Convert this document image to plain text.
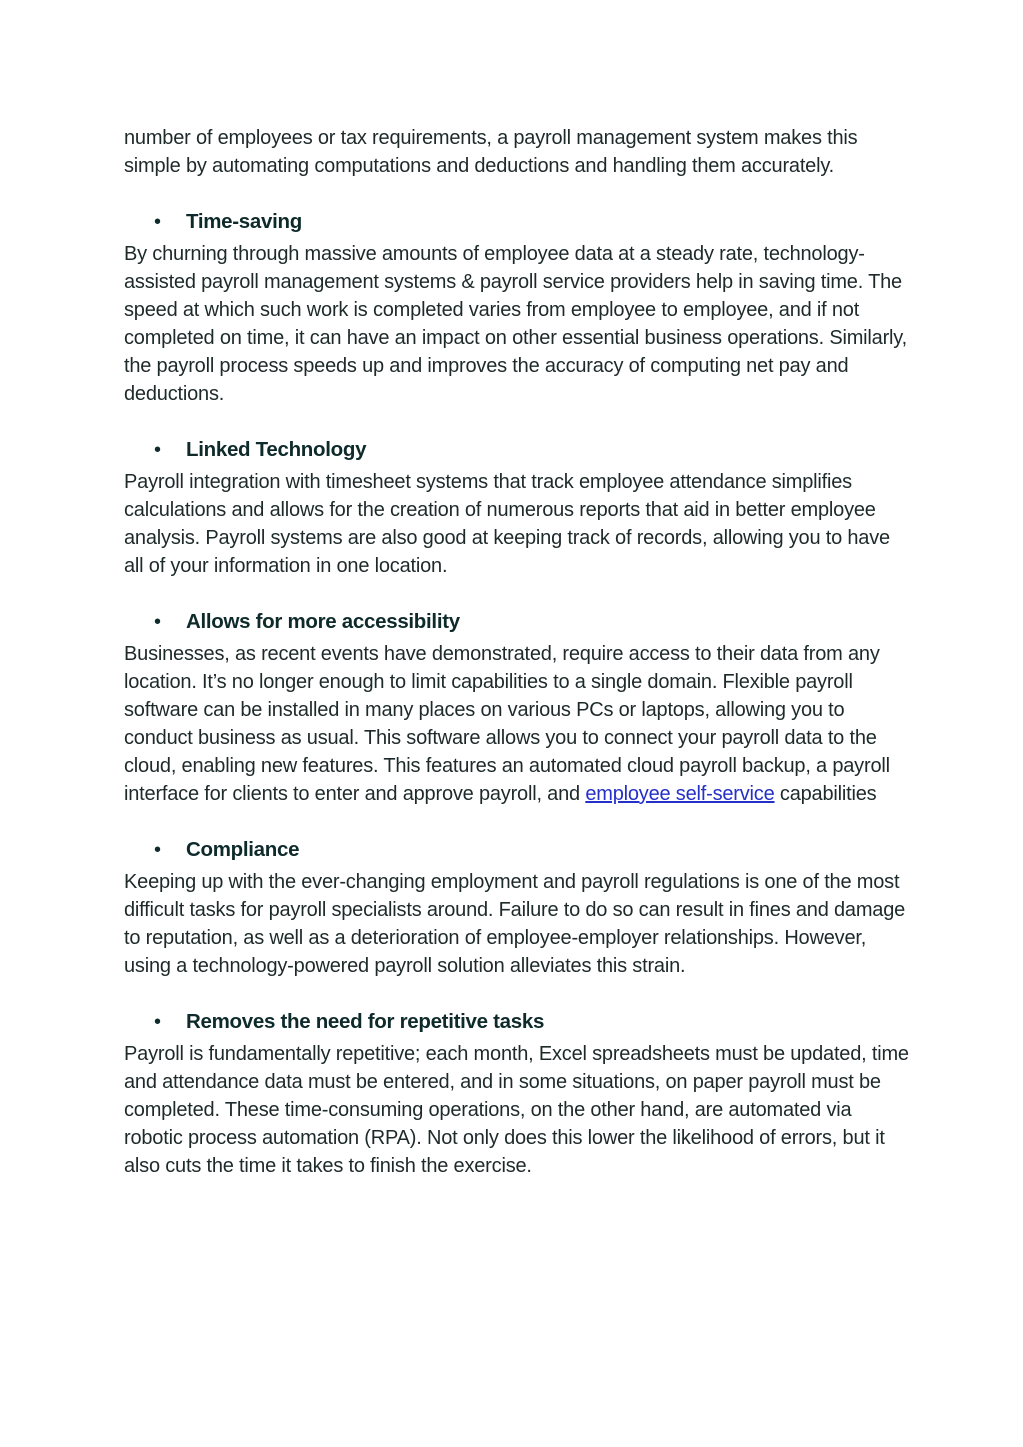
number of employees or tax requirements, a payroll management system makes this simple by automating computations and deductions and handling them accurately.

•	Time-saving

By churning through massive amounts of employee data at a steady rate, technology-assisted payroll management systems & payroll service providers help in saving time. The speed at which such work is completed varies from employee to employee, and if not completed on time, it can have an impact on other essential business operations. Similarly, the payroll process speeds up and improves the accuracy of computing net pay and deductions.

•	Linked Technology

Payroll integration with timesheet systems that track employee attendance simplifies calculations and allows for the creation of numerous reports that aid in better employee analysis. Payroll systems are also good at keeping track of records, allowing you to have all of your information in one location.

•	Allows for more accessibility

Businesses, as recent events have demonstrated, require access to their data from any location. It’s no longer enough to limit capabilities to a single domain. Flexible payroll software can be installed in many places on various PCs or laptops, allowing you to conduct business as usual. This software allows you to connect your payroll data to the cloud, enabling new features. This features an automated cloud payroll backup, a payroll interface for clients to enter and approve payroll, and employee self-service capabilities

•	Compliance

Keeping up with the ever-changing employment and payroll regulations is one of the most difficult tasks for payroll specialists around. Failure to do so can result in fines and damage to reputation, as well as a deterioration of employee-employer relationships. However, using a technology-powered payroll solution alleviates this strain.

•	Removes the need for repetitive tasks

Payroll is fundamentally repetitive; each month, Excel spreadsheets must be updated, time and attendance data must be entered, and in some situations, on paper payroll must be completed. These time-consuming operations, on the other hand, are automated via robotic process automation (RPA). Not only does this lower the likelihood of errors, but it also cuts the time it takes to finish the exercise.
